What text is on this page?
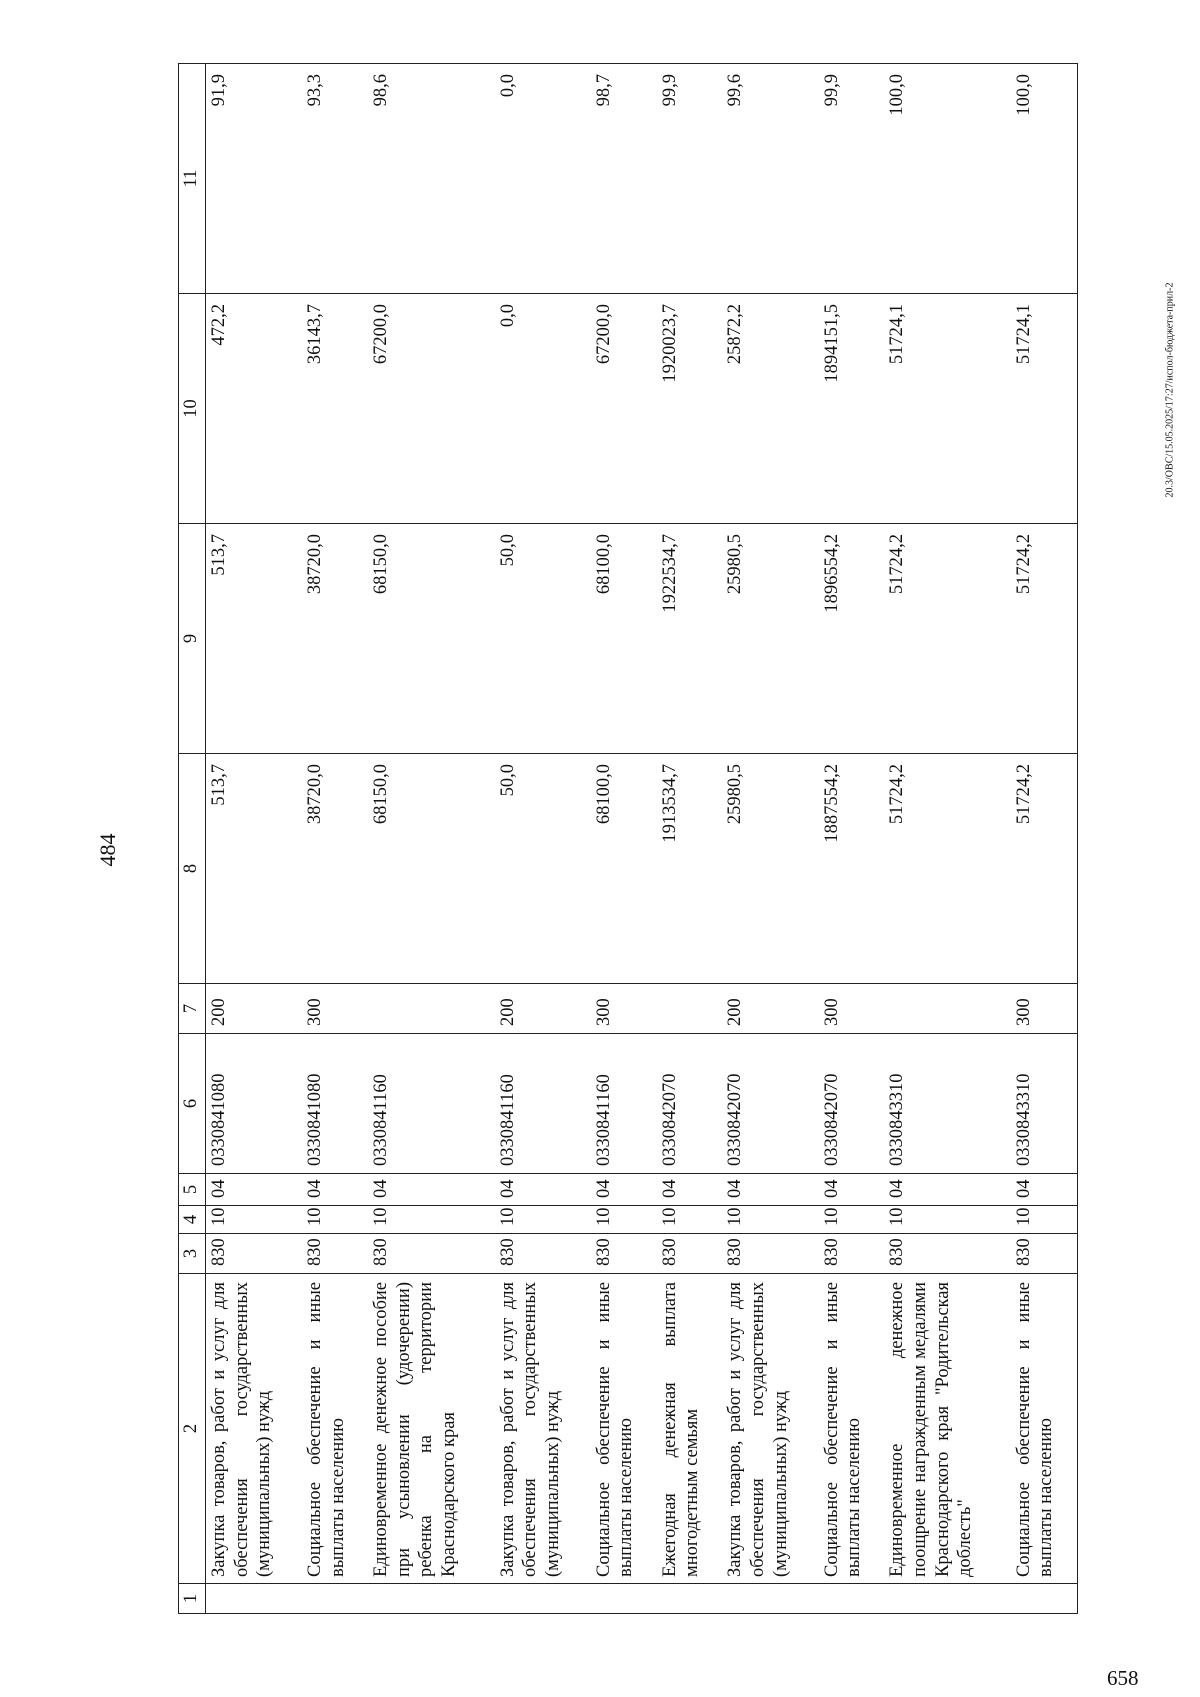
484
20.3/OBC/15.05.2025/17:27/испол-бюджета-прил-2
658
1	2	3	4	5	6	7	8	9	10	11
	Закупка товаров, работ и услуг для обеспечения государственных (муниципальных) нужд	830	10	04	0330841080	200	513,7	513,7	472,2	91,9
	Социальное обеспечение и иные выплаты населению	830	10	04	0330841080	300	38720,0	38720,0	36143,7	93,3
	Единовременное денежное пособие при усыновлении (удочерении) ребенка на территории Краснодарского края	830	10	04	0330841160		68150,0	68150,0	67200,0	98,6
	Закупка товаров, работ и услуг для обеспечения государственных (муниципальных) нужд	830	10	04	0330841160	200	50,0	50,0	0,0	0,0
	Социальное обеспечение и иные выплаты населению	830	10	04	0330841160	300	68100,0	68100,0	67200,0	98,7
	Ежегодная денежная выплата многодетным семьям	830	10	04	0330842070		1913534,7	1922534,7	1920023,7	99,9
	Закупка товаров, работ и услуг для обеспечения государственных (муниципальных) нужд	830	10	04	0330842070	200	25980,5	25980,5	25872,2	99,6
	Социальное обеспечение и иные выплаты населению	830	10	04	0330842070	300	1887554,2	1896554,2	1894151,5	99,9
	Единовременное денежное поощрение награжденным медалями Краснодарского края "Родительская доблесть"	830	10	04	0330843310		51724,2	51724,2	51724,1	100,0
	Социальное обеспечение и иные выплаты населению	830	10	04	0330843310	300	51724,2	51724,2	51724,1	100,0
